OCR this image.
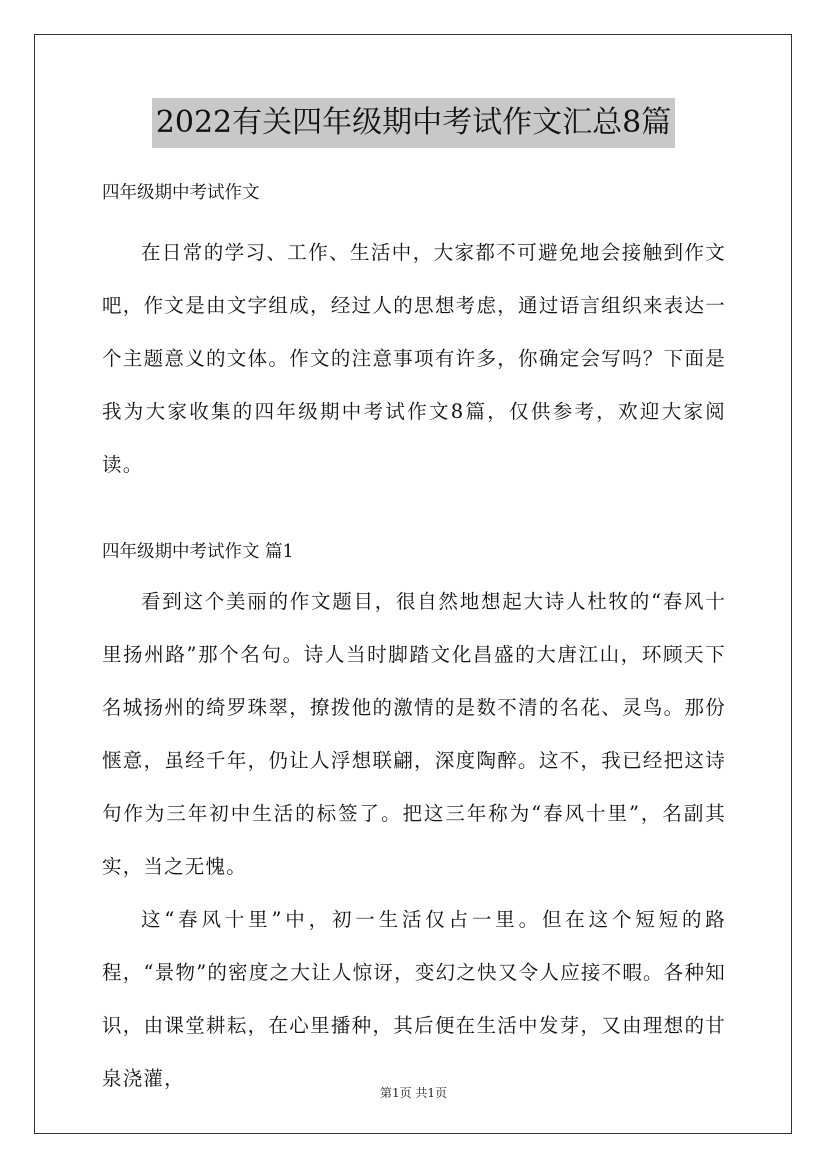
2022有关四年级期中考试作文汇总8篇

四年级期中考试作文

在日常的学习、工作、生活中，大家都不可避免地会接触到作文吧，作文是由文字组成，经过人的思想考虑，通过语言组织来表达一个主题意义的文体。作文的注意事项有许多，你确定会写吗？下面是我为大家收集的四年级期中考试作文8篇，仅供参考，欢迎大家阅读。

四年级期中考试作文 篇1

看到这个美丽的作文题目，很自然地想起大诗人杜牧的“春风十里扬州路”那个名句。诗人当时脚踏文化昌盛的大唐江山，环顾天下名城扬州的绮罗珠翠，撩拨他的激情的是数不清的名花、灵鸟。那份惬意，虽经千年，仍让人浮想联翩，深度陶醉。这不，我已经把这诗句作为三年初中生活的标签了。把这三年称为“春风十里”，名副其实，当之无愧。

这“春风十里”中，初一生活仅占一里。但在这个短短的路程，“景物”的密度之大让人惊讶，变幻之快又令人应接不暇。各种知识，由课堂耕耘，在心里播种，其后便在生活中发芽，又由理想的甘泉浇灌，

第1页 共1页
